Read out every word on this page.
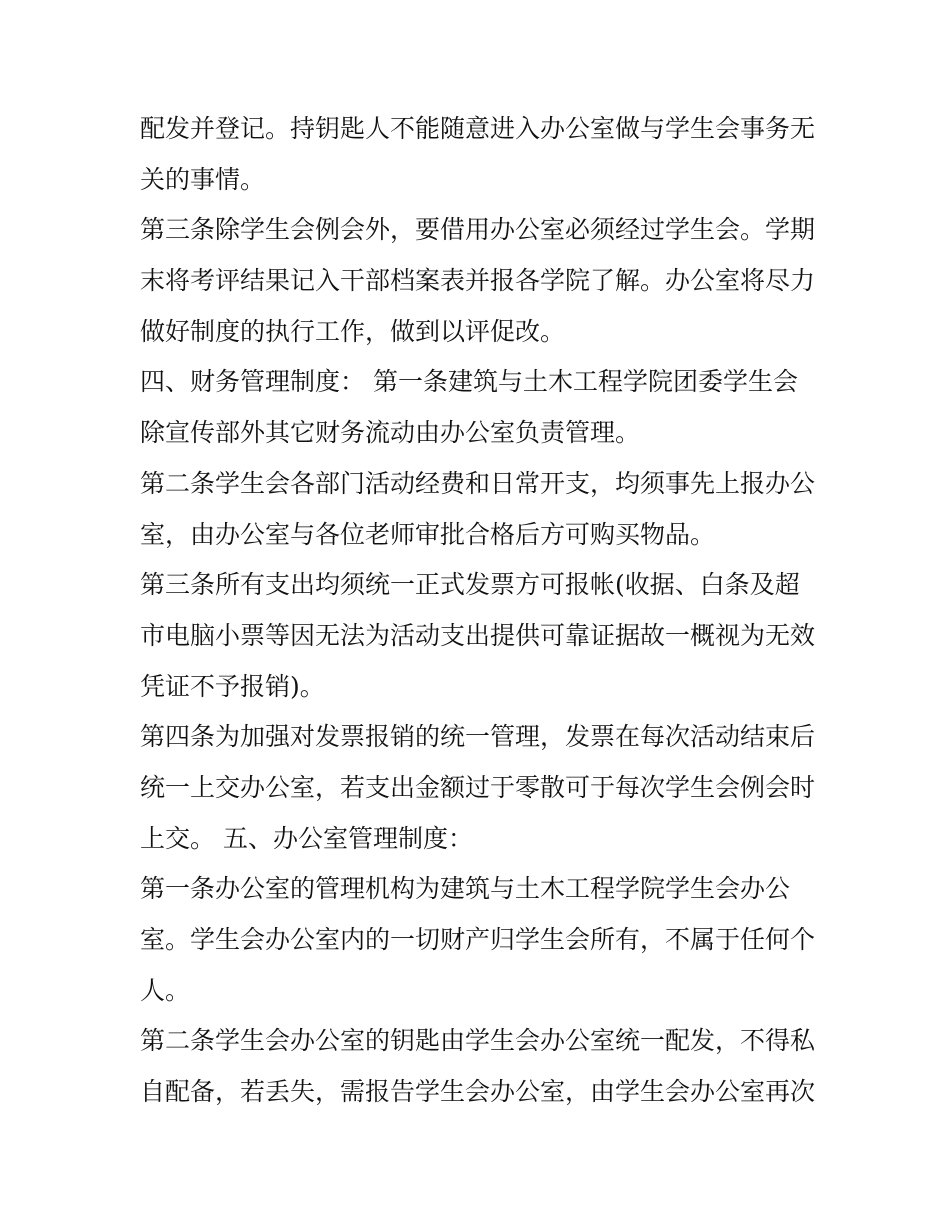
配发并登记。持钥匙人不能随意进入办公室做与学生会事务无
关的事情。
第三条除学生会例会外，要借用办公室必须经过学生会。学期
末将考评结果记入干部档案表并报各学院了解。办公室将尽力
做好制度的执行工作，做到以评促改。
四、财务管理制度： 第一条建筑与土木工程学院团委学生会
除宣传部外其它财务流动由办公室负责管理。
第二条学生会各部门活动经费和日常开支，均须事先上报办公
室，由办公室与各位老师审批合格后方可购买物品。
第三条所有支出均须统一正式发票方可报帐(收据、白条及超
市电脑小票等因无法为活动支出提供可靠证据故一概视为无效
凭证不予报销)。
第四条为加强对发票报销的统一管理，发票在每次活动结束后
统一上交办公室，若支出金额过于零散可于每次学生会例会时
上交。 五、办公室管理制度：
第一条办公室的管理机构为建筑与土木工程学院学生会办公
室。学生会办公室内的一切财产归学生会所有，不属于任何个
人。
第二条学生会办公室的钥匙由学生会办公室统一配发，不得私
自配备，若丢失，需报告学生会办公室，由学生会办公室再次
